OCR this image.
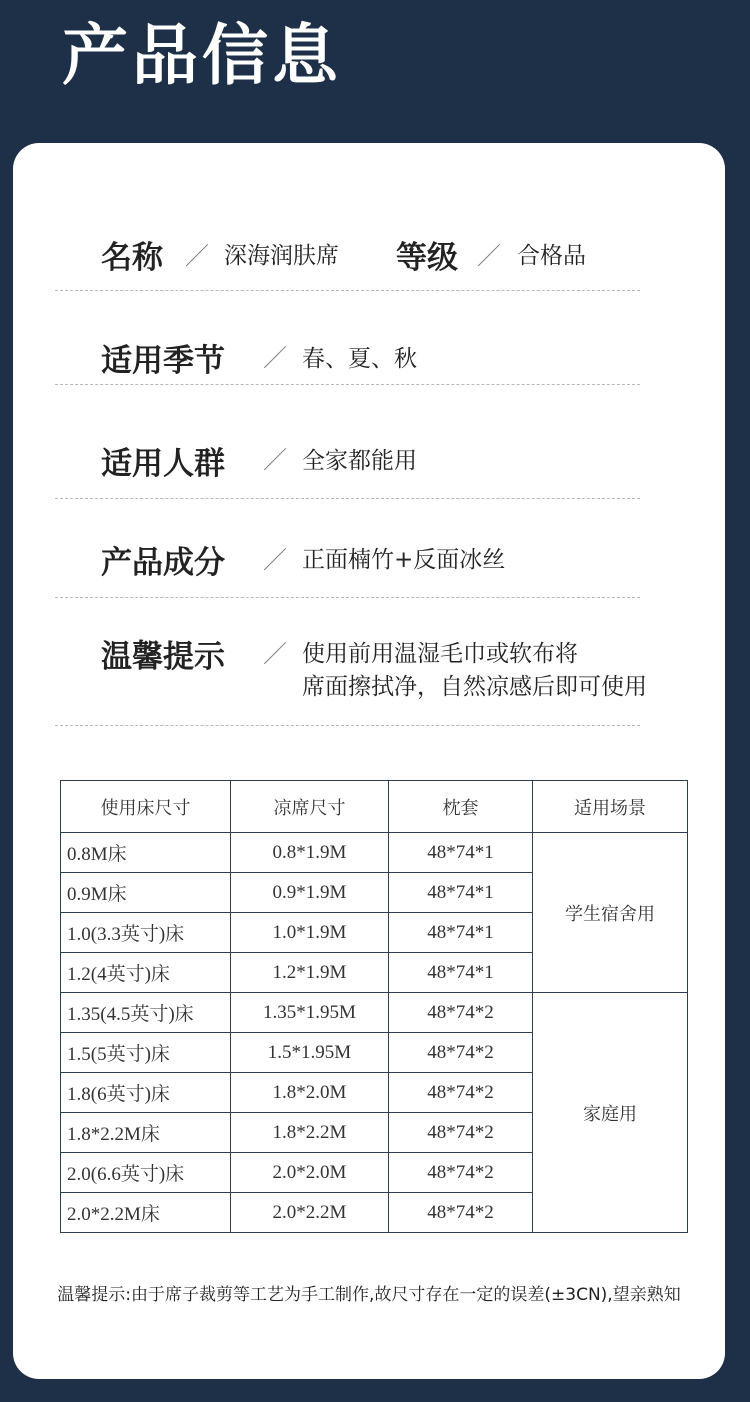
产品信息
名称 ／ 深海润肤席 等级 ／ 合格品
适用季节 ／ 春、夏、秋
适用人群 ／ 全家都能用
产品成分 ／ 正面楠竹+反面冰丝
温馨提示 ／ 使用前用温湿毛巾或软布将
席面擦拭净，自然凉感后即可使用
使用床尺寸	凉席尺寸	枕套	适用场景
0.8M床	0.8*1.9M	48*74*1	学生宿舍用
0.9M床	0.9*1.9M	48*74*1	
1.0(3.3英寸)床	1.0*1.9M	48*74*1	
1.2(4英寸)床	1.2*1.9M	48*74*1	
1.35(4.5英寸)床	1.35*1.95M	48*74*2	家庭用
1.5(5英寸)床	1.5*1.95M	48*74*2	
1.8(6英寸)床	1.8*2.0M	48*74*2	
1.8*2.2M床	1.8*2.2M	48*74*2	
2.0(6.6英寸)床	2.0*2.0M	48*74*2	
2.0*2.2M床	2.0*2.2M	48*74*2	
温馨提示:由于席子裁剪等工艺为手工制作,故尺寸存在一定的误差(±3CN),望亲熟知
